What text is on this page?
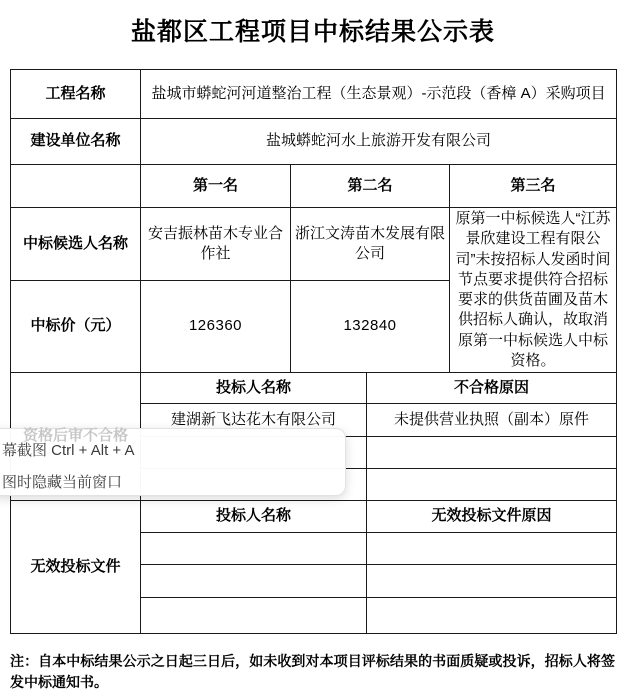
盐都区工程项目中标结果公示表
工程名称	盐城市蟒蛇河河道整治工程（生态景观）-示范段（香樟 A）采购项目			
建设单位名称	盐城蟒蛇河水上旅游开发有限公司			
	第一名	第二名		第三名
中标候选人名称	安吉振林苗木专业合作社	浙江文涛苗木发展有限公司		原第一中标候选人“江苏景欣建设工程有限公司”未按招标人发函时间节点要求提供符合招标要求的供货苗圃及苗木供招标人确认，故取消原第一中标候选人中标资格。
中标价（元）	126360	132840		
资格后审不合格	投标人名称		不合格原因	
	建湖新飞达花木有限公司		未提供营业执照（副本）原件	

无效投标文件	投标人名称		无效投标文件原因	

幕截图 Ctrl + Alt + A
图时隐藏当前窗口
注：自本中标结果公示之日起三日后，如未收到对本项目评标结果的书面质疑或投诉，招标人将签发中标通知书。
